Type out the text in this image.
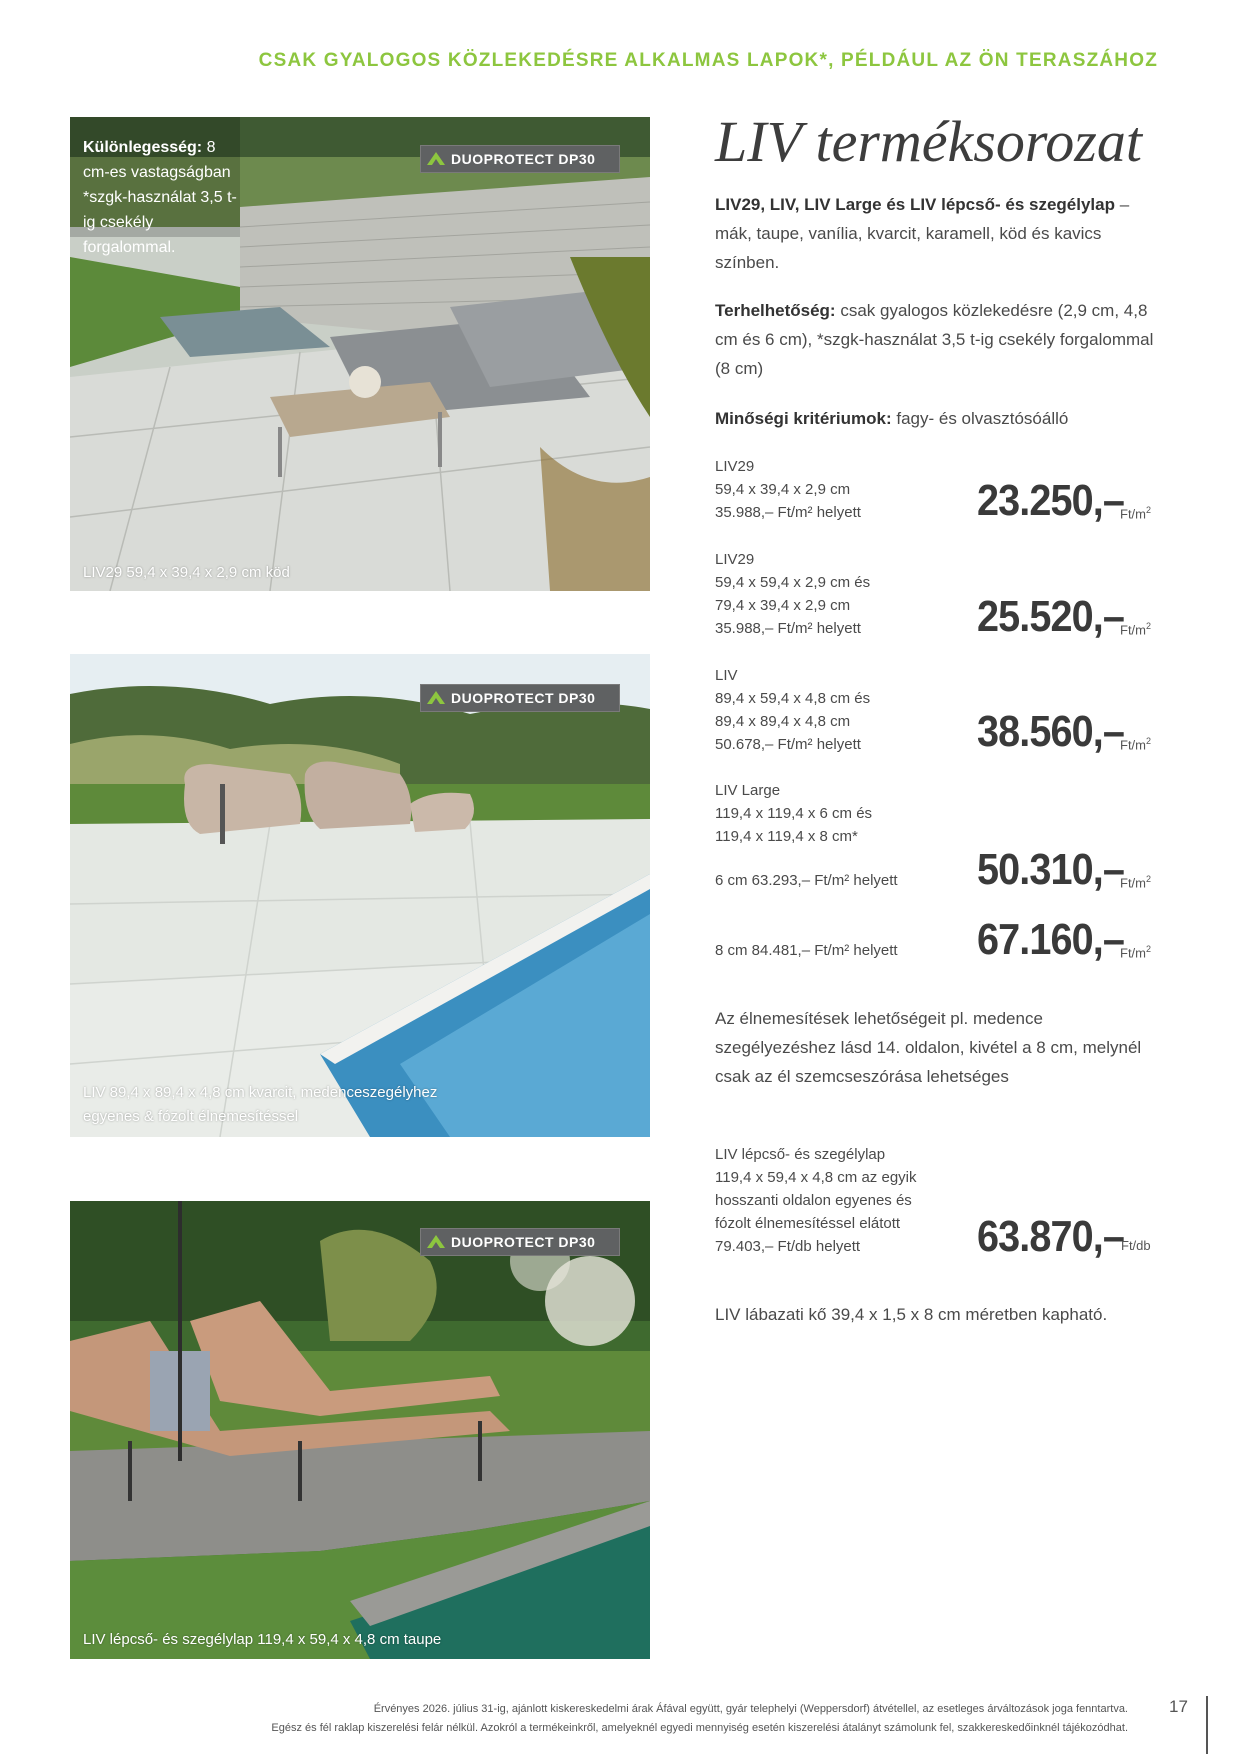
CSAK GYALOGOS KÖZLEKEDÉSRE ALKALMAS LAPOK*, PÉLDÁUL AZ ÖN TERASZÁHOZ
Különlegesség: 8 cm-es vastagságban *szgk-használat 3,5 t-ig csekély forgalommal.
DUOPROTECT DP30
LIV29 59,4 x 39,4 x 2,9 cm köd
DUOPROTECT DP30
LIV 89,4 x 89,4 x 4,8 cm kvarcit, medenceszegélyhez
egyenes & fózolt élnemesítéssel
DUOPROTECT DP30
LIV lépcső- és szegélylap 119,4 x 59,4 x 4,8 cm taupe
LIV terméksorozat
LIV29, LIV, LIV Large és LIV lépcső- és szegélylap – mák, taupe, vanília, kvarcit, karamell, köd és kavics színben.
Terhelhetőség: csak gyalogos közlekedésre (2,9 cm, 4,8 cm és 6 cm), *szgk-használat 3,5 t-ig csekély forgalommal (8 cm)
Minőségi kritériumok: fagy- és olvasztósóálló
LIV29
59,4 x 39,4 x 2,9 cm
35.988,– Ft/m² helyett	23.250,–
$Ft/m^2$
LIV29
59,4 x 59,4 x 2,9 cm és
79,4 x 39,4 x 2,9 cm
35.988,– Ft/m² helyett	25.520,–
$Ft/m^2$
LIV
89,4 x 59,4 x 4,8 cm és
89,4 x 89,4 x 4,8 cm
50.678,– Ft/m² helyett	38.560,–
$Ft/m^2$
LIV Large
119,4 x 119,4 x 6 cm és
119,4 x 119,4 x 8 cm*
6 cm 63.293,– Ft/m² helyett	50.310,–
$Ft/m^2$
8 cm 84.481,– Ft/m² helyett	67.160,–
$Ft/m^2$
Az élnemesítések lehetőségeit pl. medence szegélyezéshez lásd 14. oldalon, kivétel a 8 cm, melynél csak az él szemcseszórása lehetséges
LIV lépcső- és szegélylap
119,4 x 59,4 x 4,8 cm az egyik
hosszanti oldalon egyenes és
fózolt élnemesítéssel elátott
79.403,– Ft/db helyett	63.870,–
Ft/db
LIV lábazati kő 39,4 x 1,5 x 8 cm méretben kapható.
Érvényes 2026. július 31-ig, ajánlott kiskereskedelmi árak Áfával együtt, gyár telephelyi (Weppersdorf) átvétellel, az esetleges árváltozások joga fenntartva.
Egész és fél raklap kiszerelési felár nélkül. Azokról a termékeinkről, amelyeknél egyedi mennyiség esetén kiszerelési átalányt számolunk fel, szakkereskedőinknél tájékozódhat.
17
